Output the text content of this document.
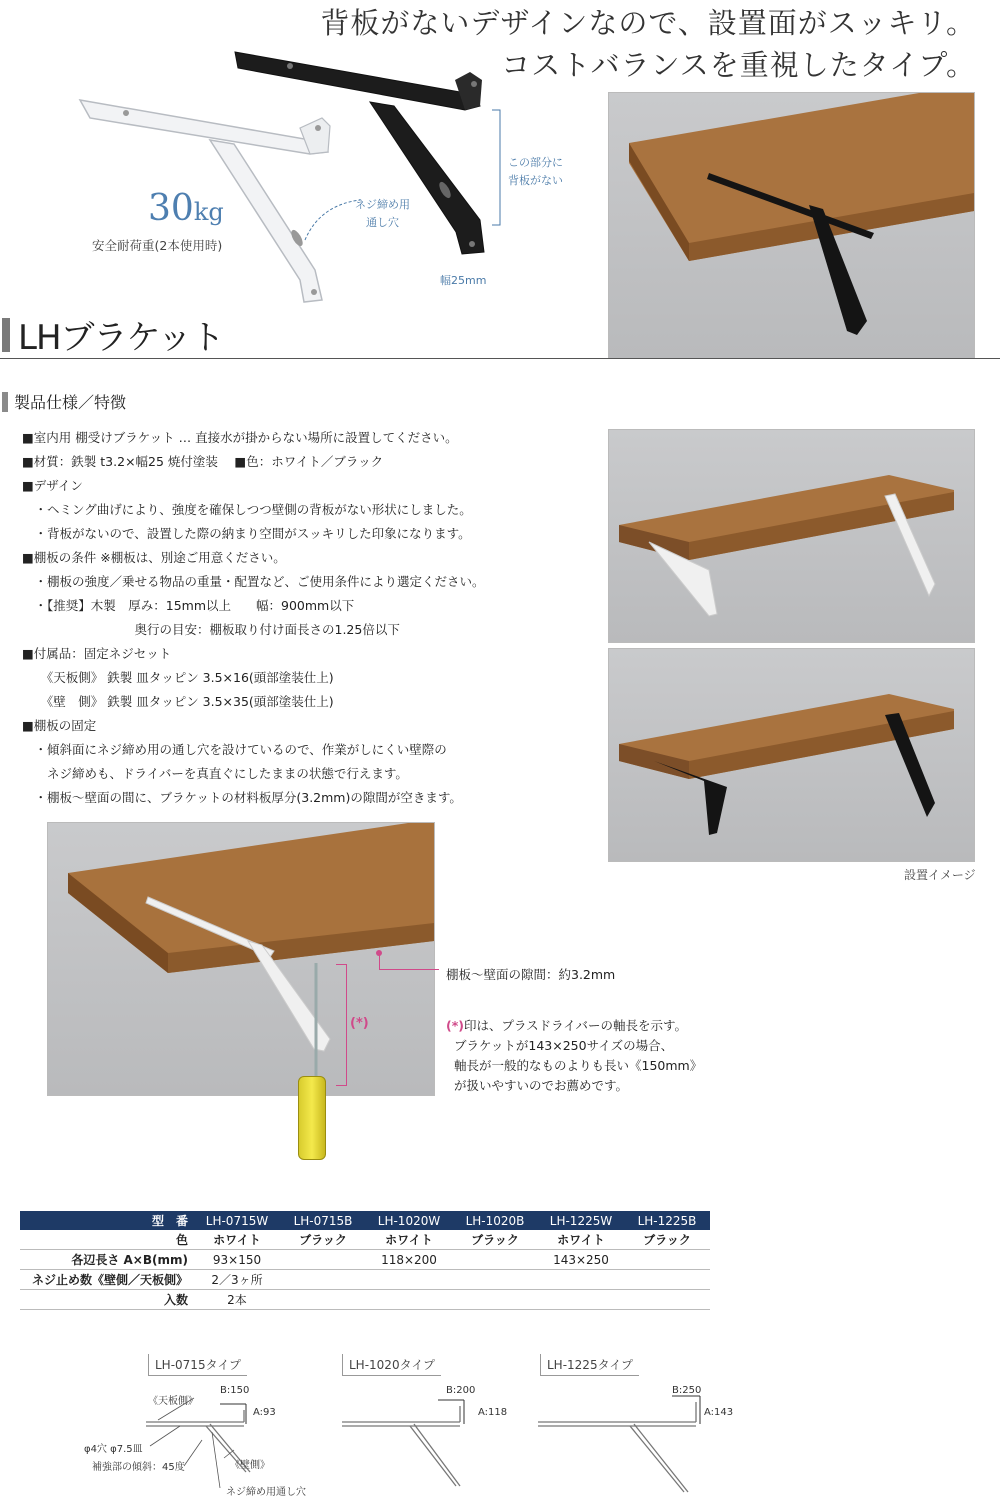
背板がないデザインなので、設置面がスッキリ。
コストバランスを重視したタイプ。
30kg
安全耐荷重(2本使用時)
ネジ締め用
通し穴
この部分に
背板がない
幅25mm
LHブラケット
製品仕様／特徴
■室内用 棚受けブラケット … 直接水が掛からない場所に設置してください。
■材質：鉄製 t3.2×幅25 焼付塗装　 ■色：ホワイト／ブラック
■デザイン
　・ヘミング曲げにより、強度を確保しつつ壁側の背板がない形状にしました。
　・背板がないので、設置した際の納まり空間がスッキリした印象になります。
■棚板の条件 ※棚板は、別途ご用意ください。
　・棚板の強度／乗せる物品の重量・配置など、ご使用条件により選定ください。
　・【推奨】木製　厚み：15mm以上　　幅：900mm以下
　　　　　　　　　奥行の目安：棚板取り付け面長さの1.25倍以下
■付属品：固定ネジセット
　　《天板側》 鉄製 皿タッピン 3.5×16(頭部塗装仕上)
　　《壁　側》 鉄製 皿タッピン 3.5×35(頭部塗装仕上)
■棚板の固定
　・傾斜面にネジ締め用の通し穴を設けているので、作業がしにくい壁際の
　　ネジ締めも、ドライバーを真直ぐにしたままの状態で行えます。
　・棚板～壁面の間に、ブラケットの材料板厚分(3.2mm)の隙間が空きます。
設置イメージ
(*)
棚板～壁面の隙間：約3.2mm
(*)印は、プラスドライバーの軸長を示す。
ブラケットが143×250サイズの場合、
軸長が一般的なものよりも長い《150mm》
が扱いやすいのでお薦めです。
型　番	LH-0715W	LH-0715B	LH-1020W	LH-1020B	LH-1225W	LH-1225B
色	ホワイト	ブラック	ホワイト	ブラック	ホワイト	ブラック
各辺長さ A×B(mm)	93×150		118×200		143×250	
ネジ止め数《壁側／天板側》	2／3ヶ所					
入数	2本					
LH-0715タイプ	LH-1020タイプ	LH-1225タイプ
B:150
A:93
B:200
A:118
B:250
A:143
《天板側》
φ4穴 φ7.5皿
補強部の傾斜：45度	《壁側》
ネジ締め用通し穴
